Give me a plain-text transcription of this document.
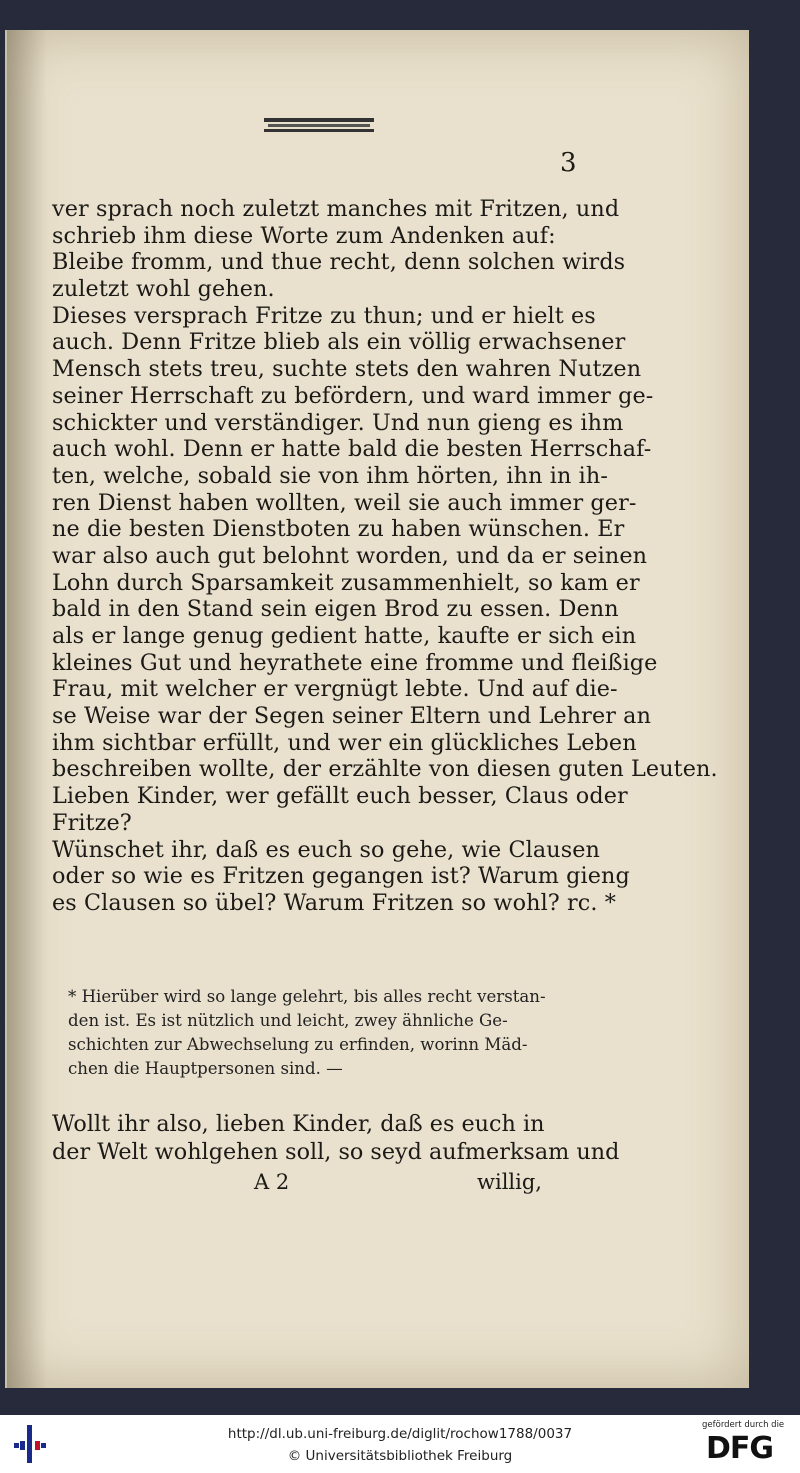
3
ver sprach noch zuletzt manches mit Fritzen, und
schrieb ihm diese Worte zum Andenken auf:
Bleibe fromm, und thue recht, denn solchen wirds
zuletzt wohl gehen.
Dieses versprach Fritze zu thun; und er hielt es
auch. Denn Fritze blieb als ein völlig erwachsener
Mensch stets treu, suchte stets den wahren Nutzen
seiner Herrschaft zu befördern, und ward immer ge-
schickter und verständiger. Und nun gieng es ihm
auch wohl. Denn er hatte bald die besten Herrschaf-
ten, welche, sobald sie von ihm hörten, ihn in ih-
ren Dienst haben wollten, weil sie auch immer ger-
ne die besten Dienstboten zu haben wünschen. Er
war also auch gut belohnt worden, und da er seinen
Lohn durch Sparsamkeit zusammenhielt, so kam er
bald in den Stand sein eigen Brod zu essen. Denn
als er lange genug gedient hatte, kaufte er sich ein
kleines Gut und heyrathete eine fromme und fleißige
Frau, mit welcher er vergnügt lebte. Und auf die-
se Weise war der Segen seiner Eltern und Lehrer an
ihm sichtbar erfüllt, und wer ein glückliches Leben
beschreiben wollte, der erzählte von diesen guten Leuten.
Lieben Kinder, wer gefällt euch besser, Claus oder
Fritze?
Wünschet ihr, daß es euch so gehe, wie Clausen
oder so wie es Fritzen gegangen ist? Warum gieng
es Clausen so übel? Warum Fritzen so wohl? rc. *
* Hierüber wird so lange gelehrt, bis alles recht verstan-
den ist. Es ist nützlich und leicht, zwey ähnliche Ge-
schichten zur Abwechselung zu erfinden, worinn Mäd-
chen die Hauptpersonen sind. —
Wollt ihr also, lieben Kinder, daß es euch in
der Welt wohlgehen soll, so seyd aufmerksam und
A 2	willig,
http://dl.ub.uni-freiburg.de/diglit/rochow1788/0037
© Universitätsbibliothek Freiburg
gefördert durch die
DFG
